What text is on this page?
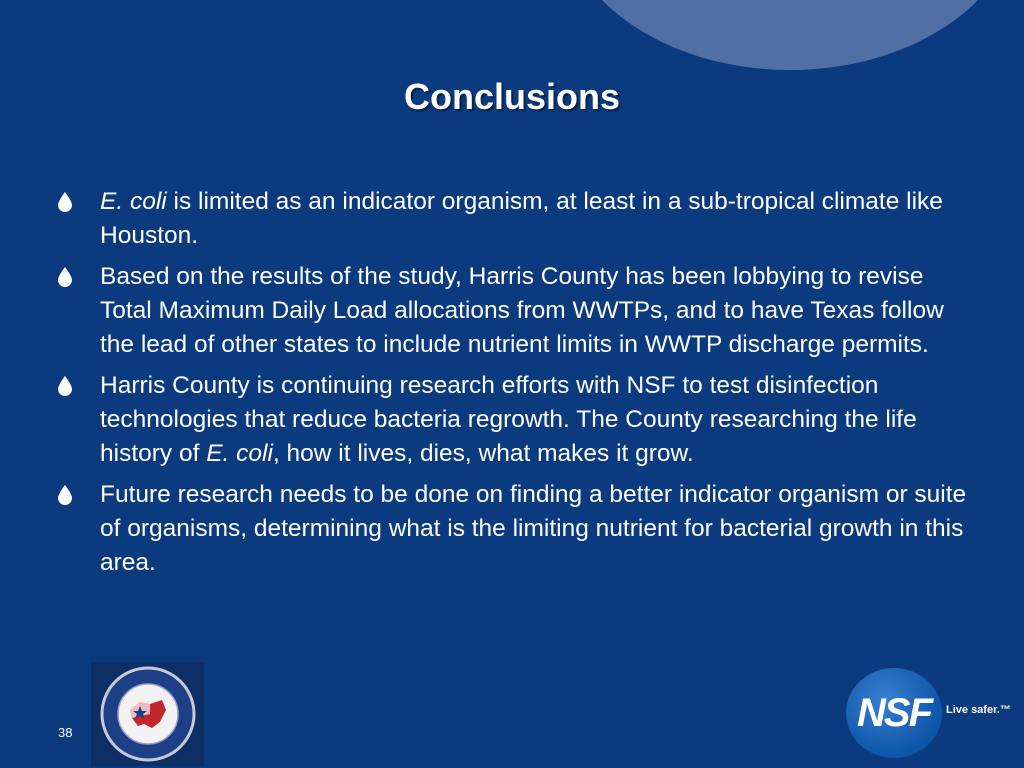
Conclusions
E. coli is limited as an indicator organism, at least in a sub-tropical climate like Houston.
Based on the results of the study, Harris County has been lobbying to revise Total Maximum Daily Load allocations from WWTPs, and to have Texas follow the lead of other states to include nutrient limits in WWTP discharge permits.
Harris County is continuing research efforts with NSF to test disinfection technologies that reduce bacteria regrowth. The County researching the life history of E. coli, how it lives, dies, what makes it grow.
Future research needs to be done on finding a better indicator organism or suite of organisms, determining what is the limiting nutrient for bacterial growth in this area.
38	NSF	Live safer.™
